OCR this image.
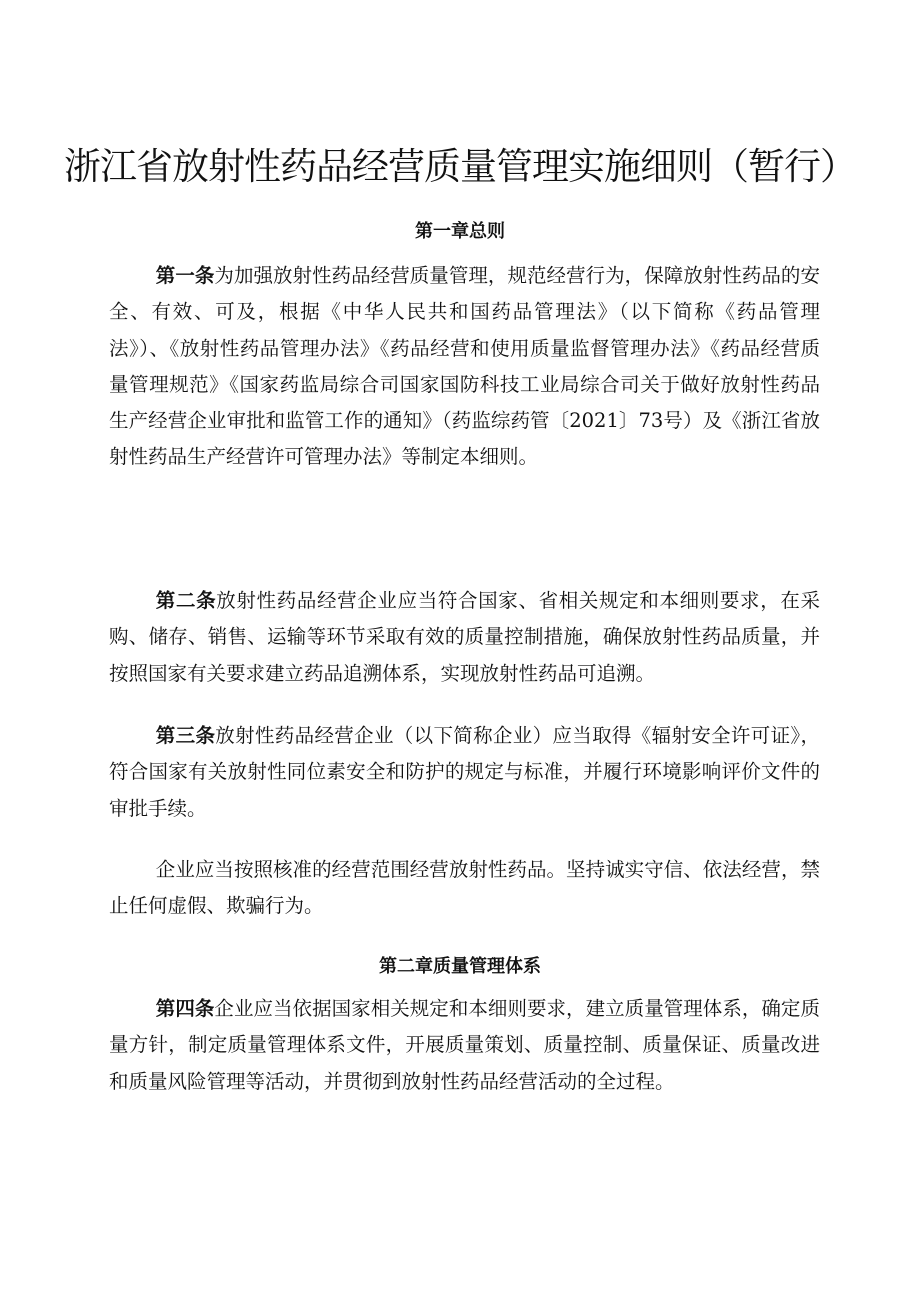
浙江省放射性药品经营质量管理实施细则（暂行）
第一章总则

第一条为加强放射性药品经营质量管理，规范经营行为，保障放射性药品的安全、有效、可及，根据《中华人民共和国药品管理法》（以下简称《药品管理法》）、《放射性药品管理办法》《药品经营和使用质量监督管理办法》《药品经营质量管理规范》《国家药监局综合司国家国防科技工业局综合司关于做好放射性药品生产经营企业审批和监管工作的通知》（药监综药管〔2021〕73号）及《浙江省放射性药品生产经营许可管理办法》等制定本细则。

第二条放射性药品经营企业应当符合国家、省相关规定和本细则要求，在采购、储存、销售、运输等环节采取有效的质量控制措施，确保放射性药品质量，并按照国家有关要求建立药品追溯体系，实现放射性药品可追溯。

第三条放射性药品经营企业（以下简称企业）应当取得《辐射安全许可证》，符合国家有关放射性同位素安全和防护的规定与标准，并履行环境影响评价文件的审批手续。

企业应当按照核准的经营范围经营放射性药品。坚持诚实守信、依法经营，禁止任何虚假、欺骗行为。

第二章质量管理体系

第四条企业应当依据国家相关规定和本细则要求，建立质量管理体系，确定质量方针，制定质量管理体系文件，开展质量策划、质量控制、质量保证、质量改进和质量风险管理等活动，并贯彻到放射性药品经营活动的全过程。
